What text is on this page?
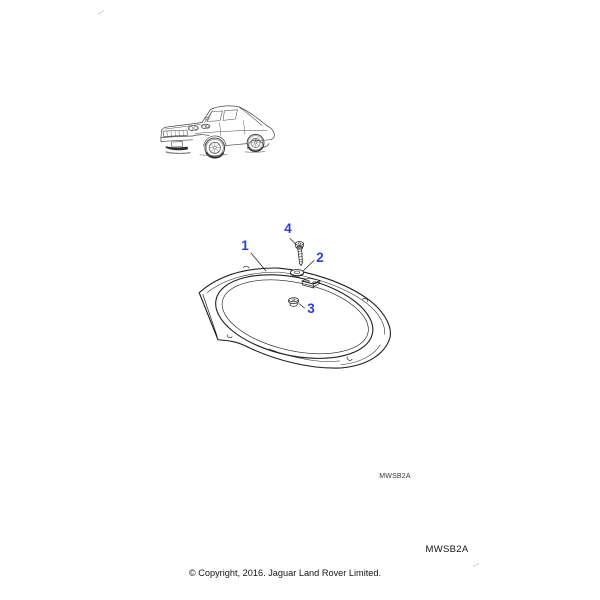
1
2
3
4
MWSB2A
MWSB2A
© Copyright, 2016. Jaguar Land Rover Limited.
